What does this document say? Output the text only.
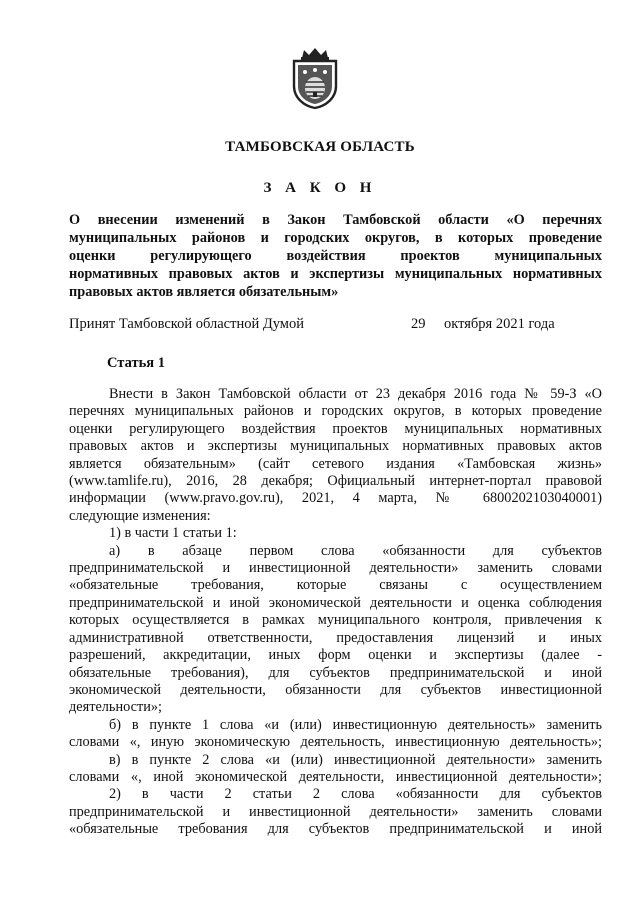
ТАМБОВСКАЯ ОБЛАСТЬ
З А К О Н
О внесении изменений в Закон Тамбовской области «О перечнях
муниципальных районов и городских округов, в которых проведение
оценки регулирующего воздействия проектов муниципальных
нормативных правовых актов и экспертизы муниципальных нормативных
правовых актов является обязательным»
Принят Тамбовской областной Думой	29 октября 2021 года
Статья 1
Внести в Закон Тамбовской области от 23 декабря 2016 года № 59-З «О
перечнях муниципальных районов и городских округов, в которых проведение
оценки регулирующего воздействия проектов муниципальных нормативных
правовых актов и экспертизы муниципальных нормативных правовых актов
является обязательным» (сайт сетевого издания «Тамбовская жизнь»
(www.tamlife.ru), 2016, 28 декабря; Официальный интернет-портал правовой
информации (www.pravo.gov.ru), 2021, 4 марта, № 6800202103040001)
следующие изменения:
1) в части 1 статьи 1:
а) в абзаце первом слова «обязанности для субъектов
предпринимательской и инвестиционной деятельности» заменить словами
«обязательные требования, которые связаны с осуществлением
предпринимательской и иной экономической деятельности и оценка соблюдения
которых осуществляется в рамках муниципального контроля, привлечения к
административной ответственности, предоставления лицензий и иных
разрешений, аккредитации, иных форм оценки и экспертизы (далее -
обязательные требования), для субъектов предпринимательской и иной
экономической деятельности, обязанности для субъектов инвестиционной
деятельности»;
б) в пункте 1 слова «и (или) инвестиционную деятельность» заменить
словами «, иную экономическую деятельность, инвестиционную деятельность»;
в) в пункте 2 слова «и (или) инвестиционной деятельности» заменить
словами «, иной экономической деятельности, инвестиционной деятельности»;
2) в части 2 статьи 2 слова «обязанности для субъектов
предпринимательской и инвестиционной деятельности» заменить словами
«обязательные требования для субъектов предпринимательской и иной
